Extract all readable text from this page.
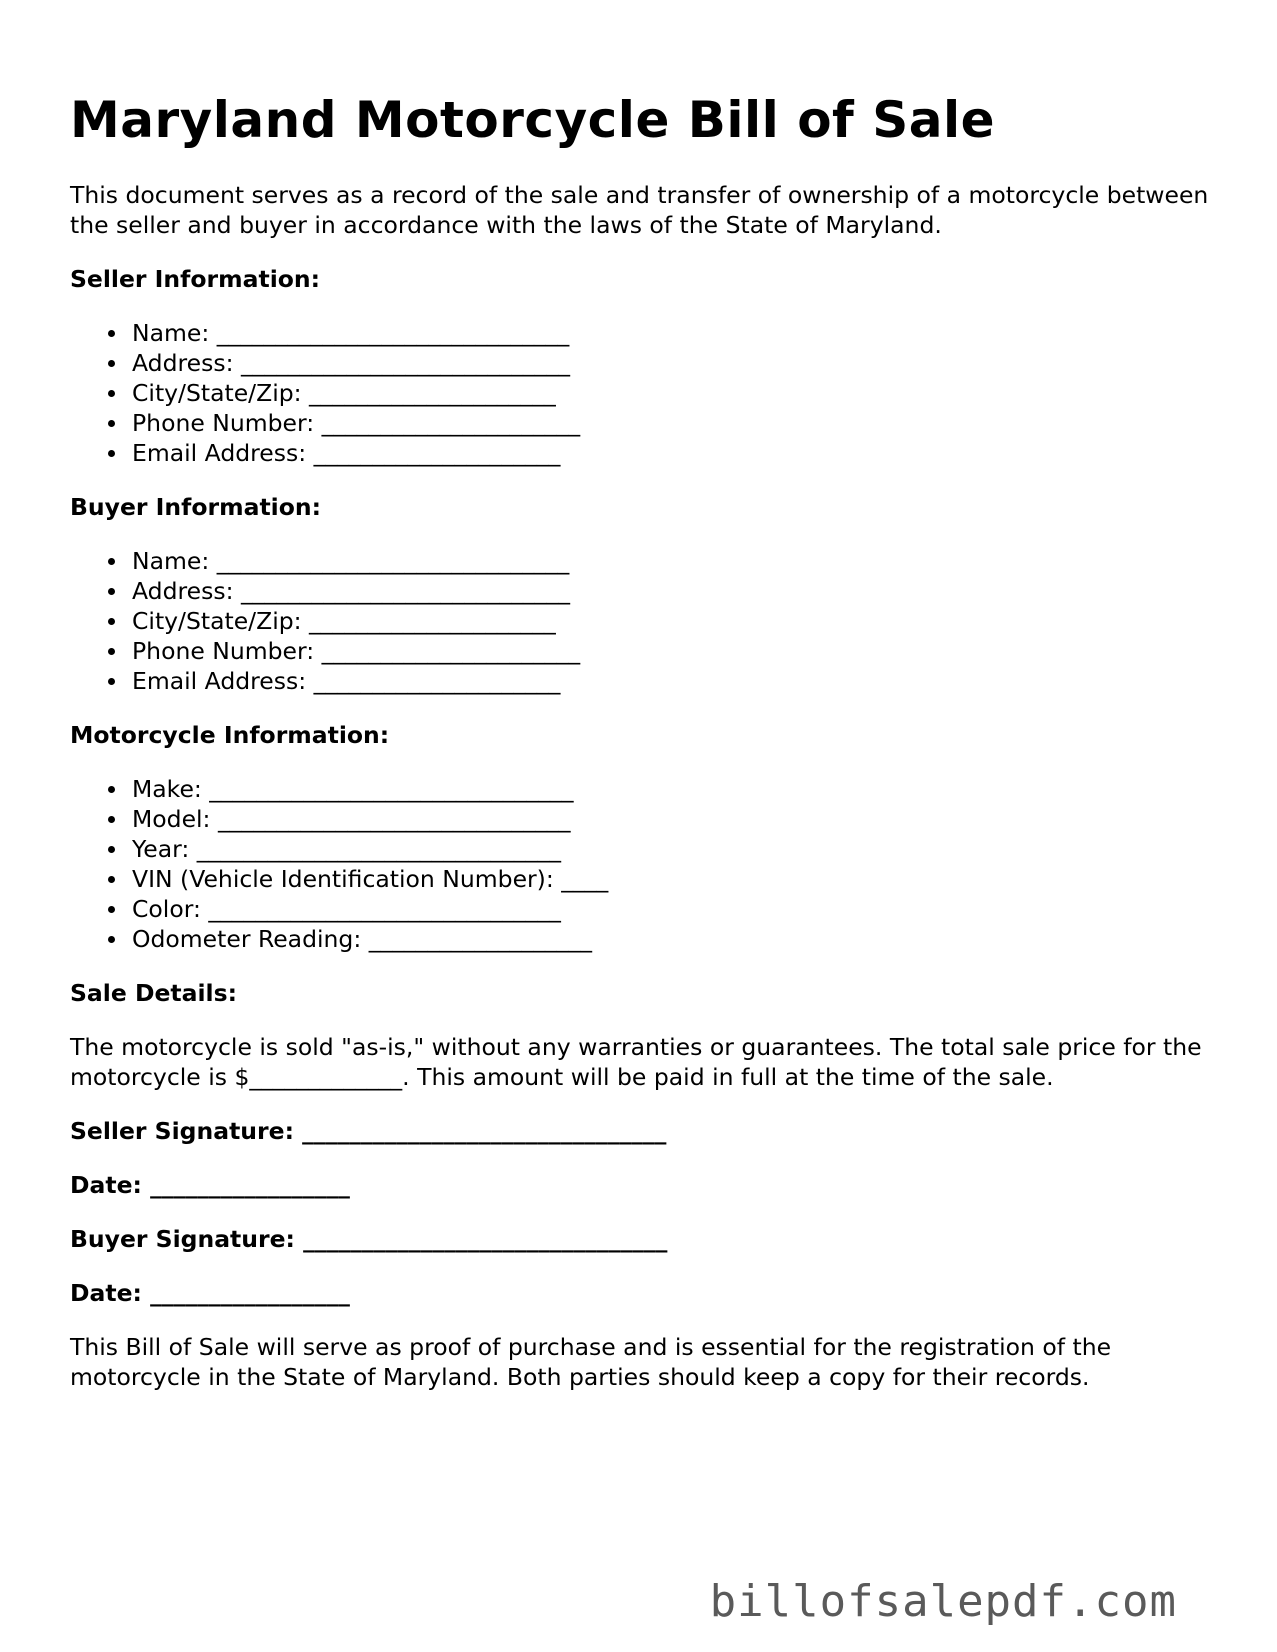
Maryland Motorcycle Bill of Sale

This document serves as a record of the sale and transfer of ownership of a motorcycle between the seller and buyer in accordance with the laws of the State of Maryland.

Seller Information:
Name: ______________________________
Address: ____________________________
City/State/Zip: _____________________
Phone Number: ______________________
Email Address: _____________________
Buyer Information:
Name: ______________________________
Address: ____________________________
City/State/Zip: _____________________
Phone Number: ______________________
Email Address: _____________________
Motorcycle Information:
Make: _______________________________
Model: ______________________________
Year: _______________________________
VIN (Vehicle Identification Number): ____
Color: ______________________________
Odometer Reading: ___________________
Sale Details:

The motorcycle is sold "as-is," without any warranties or guarantees. The total sale price for the motorcycle is $_____________. This amount will be paid in full at the time of the sale.

Seller Signature: _______________________________
Date: _________________
Buyer Signature: _______________________________
Date: _________________

This Bill of Sale will serve as proof of purchase and is essential for the registration of the motorcycle in the State of Maryland. Both parties should keep a copy for their records.

billofsalepdf.com
